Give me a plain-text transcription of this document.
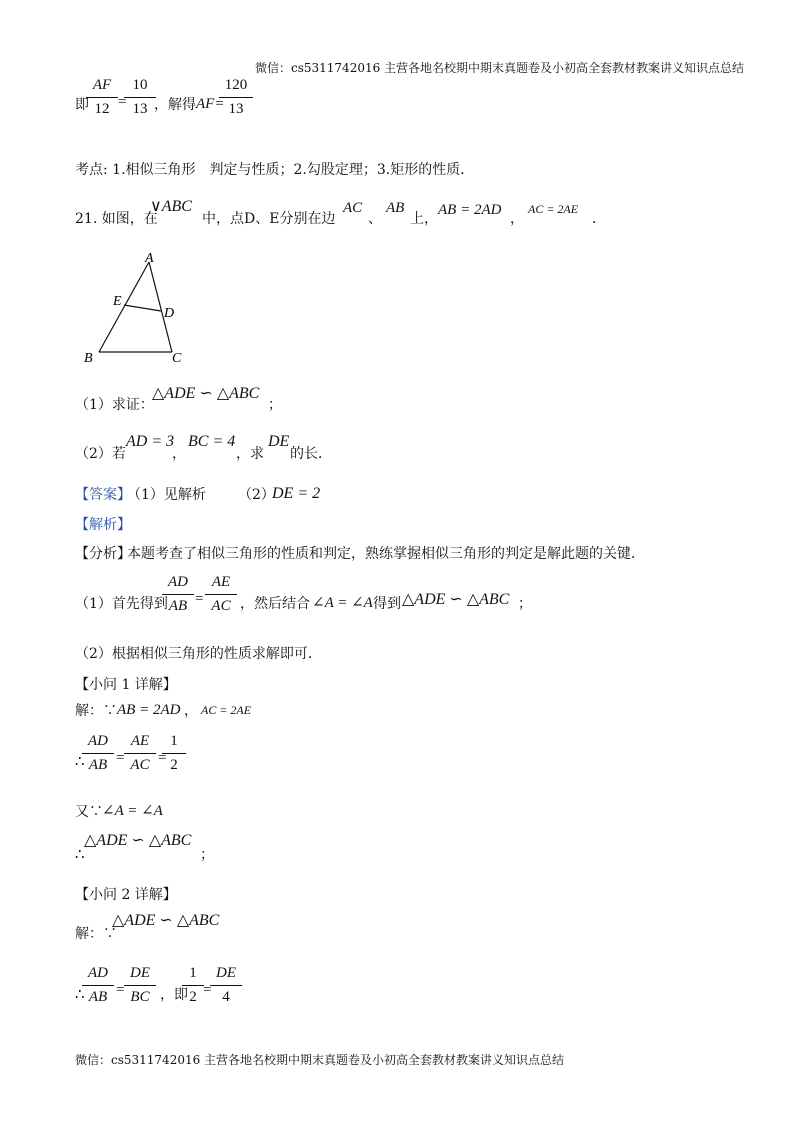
微信：cs5311742016 主营各地名校期中期末真题卷及小初高全套教材教案讲义知识点总结
即
AF
12 =
10
13 ，解得 AF=
120
13
考点: 1.相似三角形　判定与性质；2.勾股定理；3.矩形的性质．
21. 如图，在
∨ABC
中，点D、E分别在边
AC
、
AB
上，
AB = 2AD
，
AC = 2AE
．
A
E
D
B	C
（1）求证：
△ADE ∽ △ABC
；
（2）若
AD = 3
，
BC = 4
，求
DE
的长．
【答案】
（1）见解析 （2）
DE = 2
【解析】
【分析】
本题考查了相似三角形的性质和判定，熟练掌握相似三角形的判定是解此题的关键．
（1）首先得到
AD
AB =
AE
AC ，然后结合 ∠A = ∠A 得到 △ADE ∽ △ABC ；
（2）根据相似三角形的性质求解即可．
【小问 1 详解】
解：∵ AB = 2AD ， AC = 2AE
∴
AD
AB =
AE
AC =
1
2
又∵ ∠A = ∠A
∴
△ADE ∽ △ABC
；
【小问 2 详解】
解：∵
△ADE ∽ △ABC
∴
AD
AB =
DE
BC ，即
1
2 =
DE
4
微信：cs5311742016 主营各地名校期中期末真题卷及小初高全套教材教案讲义知识点总结
